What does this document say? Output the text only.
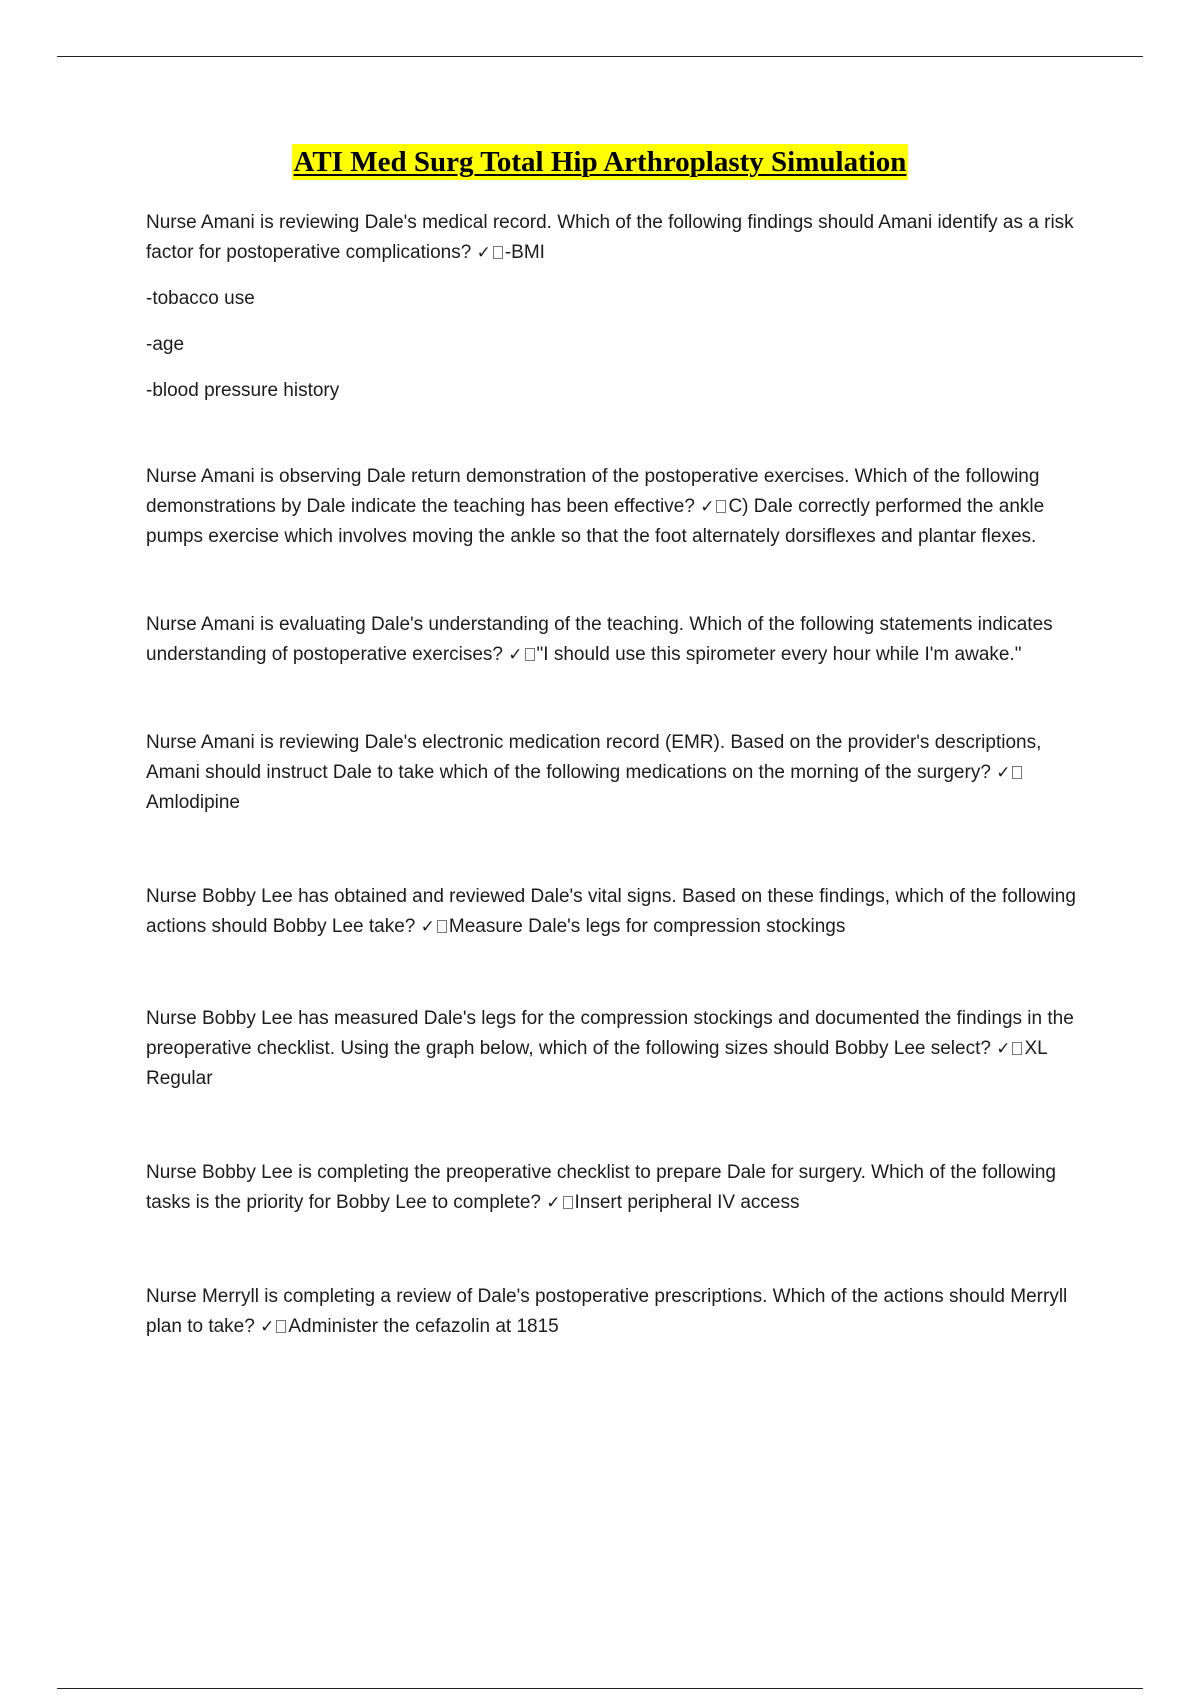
ATI Med Surg Total Hip Arthroplasty Simulation

Nurse Amani is reviewing Dale's medical record. Which of the following findings should Amani identify as a risk factor for postoperative complications? ✓ -BMI

-tobacco use

-age

-blood pressure history

Nurse Amani is observing Dale return demonstration of the postoperative exercises. Which of the following demonstrations by Dale indicate the teaching has been effective? ✓ C) Dale correctly performed the ankle pumps exercise which involves moving the ankle so that the foot alternately dorsiflexes and plantar flexes.

Nurse Amani is evaluating Dale's understanding of the teaching. Which of the following statements indicates understanding of postoperative exercises? ✓ "I should use this spirometer every hour while I'm awake."

Nurse Amani is reviewing Dale's electronic medication record (EMR). Based on the provider's descriptions, Amani should instruct Dale to take which of the following medications on the morning of the surgery? ✓Amlodipine

Nurse Bobby Lee has obtained and reviewed Dale's vital signs. Based on these findings, which of the following actions should Bobby Lee take? ✓ Measure Dale's legs for compression stockings

Nurse Bobby Lee has measured Dale's legs for the compression stockings and documented the findings in the preoperative checklist. Using the graph below, which of the following sizes should Bobby Lee select? ✓ XL Regular

Nurse Bobby Lee is completing the preoperative checklist to prepare Dale for surgery. Which of the following tasks is the priority for Bobby Lee to complete? ✓ Insert peripheral IV access

Nurse Merryll is completing a review of Dale's postoperative prescriptions. Which of the actions should Merryll plan to take? ✓ Administer the cefazolin at 1815
